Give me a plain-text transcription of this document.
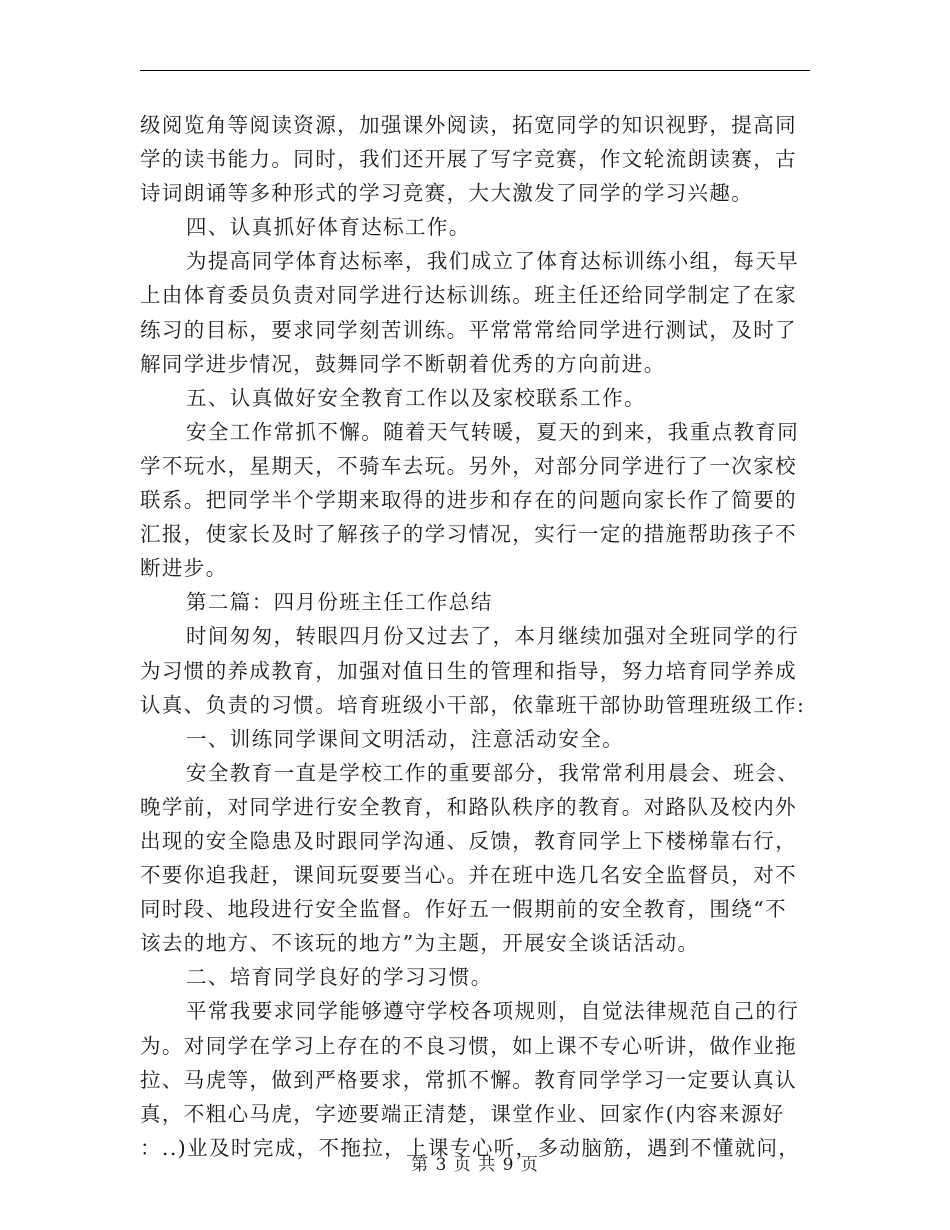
级阅览角等阅读资源，加强课外阅读，拓宽同学的知识视野，提高同
学的读书能力。同时，我们还开展了写字竞赛，作文轮流朗读赛，古
诗词朗诵等多种形式的学习竞赛，大大激发了同学的学习兴趣。
四、认真抓好体育达标工作。
为提高同学体育达标率，我们成立了体育达标训练小组，每天早
上由体育委员负责对同学进行达标训练。班主任还给同学制定了在家
练习的目标，要求同学刻苦训练。平常常常给同学进行测试，及时了
解同学进步情况，鼓舞同学不断朝着优秀的方向前进。
五、认真做好安全教育工作以及家校联系工作。
安全工作常抓不懈。随着天气转暖，夏天的到来，我重点教育同
学不玩水，星期天，不骑车去玩。另外，对部分同学进行了一次家校
联系。把同学半个学期来取得的进步和存在的问题向家长作了简要的
汇报，使家长及时了解孩子的学习情况，实行一定的措施帮助孩子不
断进步。
第二篇：四月份班主任工作总结
时间匆匆，转眼四月份又过去了，本月继续加强对全班同学的行
为习惯的养成教育，加强对值日生的管理和指导，努力培育同学养成
认真、负责的习惯。培育班级小干部，依靠班干部协助管理班级工作:
一、训练同学课间文明活动，注意活动安全。
安全教育一直是学校工作的重要部分，我常常利用晨会、班会、
晚学前，对同学进行安全教育，和路队秩序的教育。对路队及校内外
出现的安全隐患及时跟同学沟通、反馈，教育同学上下楼梯靠右行，
不要你追我赶，课间玩耍要当心。并在班中选几名安全监督员，对不
同时段、地段进行安全监督。作好五一假期前的安全教育，围绕“不
该去的地方、不该玩的地方”为主题，开展安全谈话活动。
二、培育同学良好的学习习惯。
平常我要求同学能够遵守学校各项规则，自觉法律规范自己的行
为。对同学在学习上存在的不良习惯，如上课不专心听讲，做作业拖
拉、马虎等，做到严格要求，常抓不懈。教育同学学习一定要认真认
真，不粗心马虎，字迹要端正清楚，课堂作业、回家作(内容来源好
：..)业及时完成，不拖拉，上课专心听，多动脑筋，遇到不懂就问，
第 3 页 共 9 页
